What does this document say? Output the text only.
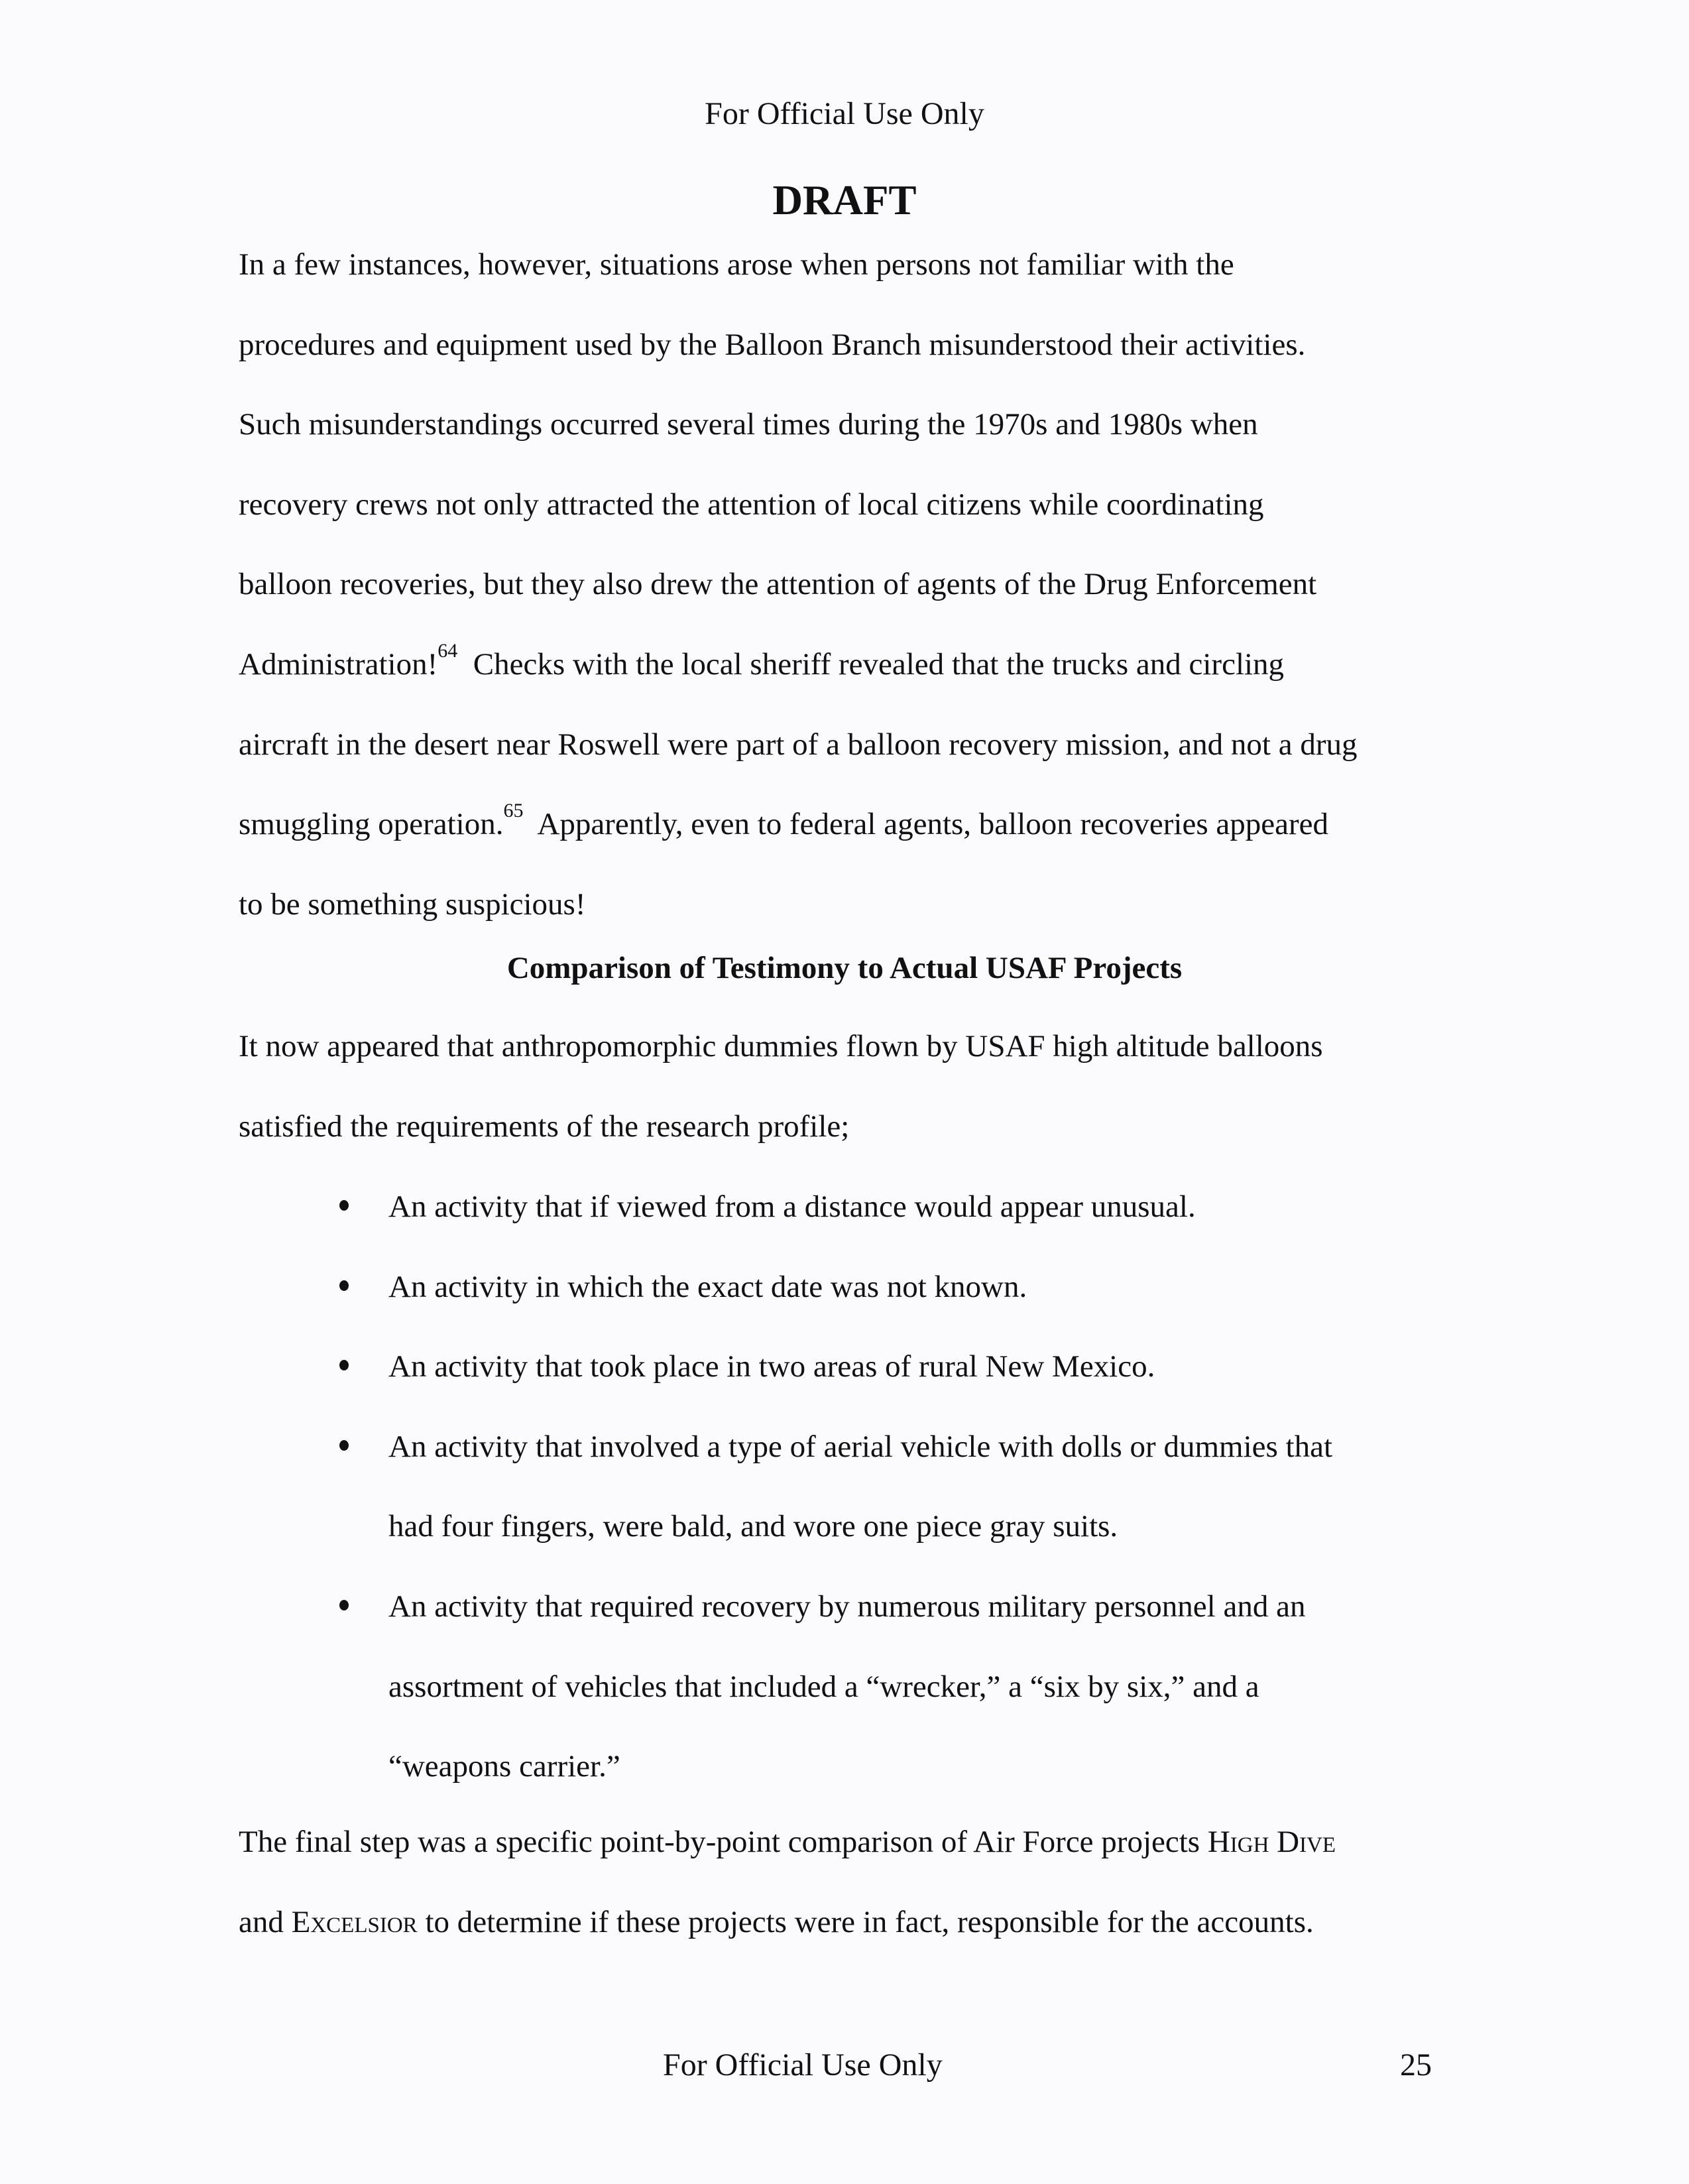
For Official Use Only
DRAFT
In a few instances, however, situations arose when persons not familiar with the
procedures and equipment used by the Balloon Branch misunderstood their activities.
Such misunderstandings occurred several times during the 1970s and 1980s when
recovery crews not only attracted the attention of local citizens while coordinating
balloon recoveries, but they also drew the attention of agents of the Drug Enforcement
Administration!$^{64}$  Checks with the local sheriff revealed that the trucks and circling
aircraft in the desert near Roswell were part of a balloon recovery mission, and not a drug
smuggling operation.$^{65}$  Apparently, even to federal agents, balloon recoveries appeared
to be something suspicious!
Comparison of Testimony to Actual USAF Projects
It now appeared that anthropomorphic dummies flown by USAF high altitude balloons
satisfied the requirements of the research profile;
An activity that if viewed from a distance would appear unusual.
An activity in which the exact date was not known.
An activity that took place in two areas of rural New Mexico.
An activity that involved a type of aerial vehicle with dolls or dummies that
had four fingers, were bald, and wore one piece gray suits.
An activity that required recovery by numerous military personnel and an
assortment of vehicles that included a “wrecker,” a “six by six,” and a
“weapons carrier.”
The final step was a specific point-by-point comparison of Air Force projects High Dive
and Excelsior to determine if these projects were in fact, responsible for the accounts.
For Official Use Only	25
